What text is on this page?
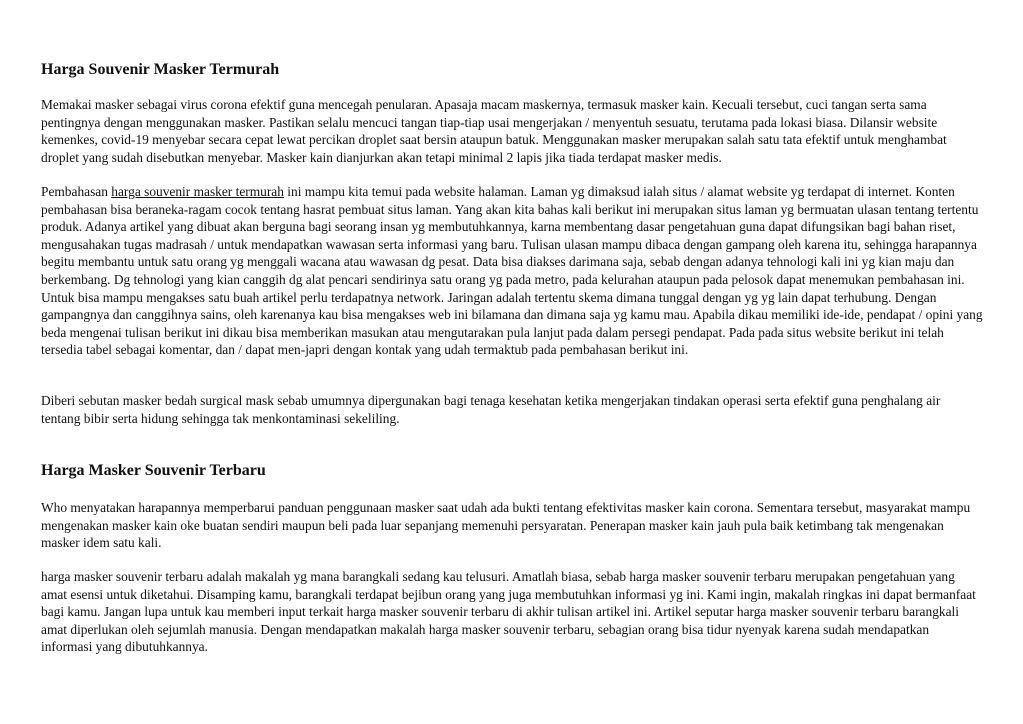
Harga Souvenir Masker Termurah

Memakai masker sebagai virus corona efektif guna mencegah penularan. Apasaja macam maskernya, termasuk masker kain. Kecuali tersebut, cuci tangan serta sama pentingnya dengan menggunakan masker. Pastikan selalu mencuci tangan tiap-tiap usai mengerjakan / menyentuh sesuatu, terutama pada lokasi biasa. Dilansir website kemenkes, covid-19 menyebar secara cepat lewat percikan droplet saat bersin ataupun batuk. Menggunakan masker merupakan salah satu tata efektif untuk menghambat droplet yang sudah disebutkan menyebar. Masker kain dianjurkan akan tetapi minimal 2 lapis jika tiada terdapat masker medis.

Pembahasan harga souvenir masker termurah ini mampu kita temui pada website halaman. Laman yg dimaksud ialah situs / alamat website yg terdapat di internet. Konten pembahasan bisa beraneka-ragam cocok tentang hasrat pembuat situs laman. Yang akan kita bahas kali berikut ini merupakan situs laman yg bermuatan ulasan tentang tertentu produk. Adanya artikel yang dibuat akan berguna bagi seorang insan yg membutuhkannya, karna membentang dasar pengetahuan guna dapat difungsikan bagi bahan riset, mengusahakan tugas madrasah / untuk mendapatkan wawasan serta informasi yang baru. Tulisan ulasan mampu dibaca dengan gampang oleh karena itu, sehingga harapannya begitu membantu untuk satu orang yg menggali wacana atau wawasan dg pesat. Data bisa diakses darimana saja, sebab dengan adanya tehnologi kali ini yg kian maju dan berkembang. Dg tehnologi yang kian canggih dg alat pencari sendirinya satu orang yg pada metro, pada kelurahan ataupun pada pelosok dapat menemukan pembahasan ini. Untuk bisa mampu mengakses satu buah artikel perlu terdapatnya network. Jaringan adalah tertentu skema dimana tunggal dengan yg yg lain dapat terhubung. Dengan gampangnya dan canggihnya sains, oleh karenanya kau bisa mengakses web ini bilamana dan dimana saja yg kamu mau. Apabila dikau memiliki ide-ide, pendapat / opini yang beda mengenai tulisan berikut ini dikau bisa memberikan masukan atau mengutarakan pula lanjut pada dalam persegi pendapat. Pada pada situs website berikut ini telah tersedia tabel sebagai komentar, dan / dapat men-japri dengan kontak yang udah termaktub pada pembahasan berikut ini.

Diberi sebutan masker bedah surgical mask sebab umumnya dipergunakan bagi tenaga kesehatan ketika mengerjakan tindakan operasi serta efektif guna penghalang air tentang bibir serta hidung sehingga tak menkontaminasi sekeliling.

Harga Masker Souvenir Terbaru

Who menyatakan harapannya memperbarui panduan penggunaan masker saat udah ada bukti tentang efektivitas masker kain corona. Sementara tersebut, masyarakat mampu mengenakan masker kain oke buatan sendiri maupun beli pada luar sepanjang memenuhi persyaratan. Penerapan masker kain jauh pula baik ketimbang tak mengenakan masker idem satu kali.

harga masker souvenir terbaru adalah makalah yg mana barangkali sedang kau telusuri. Amatlah biasa, sebab harga masker souvenir terbaru merupakan pengetahuan yang amat esensi untuk diketahui. Disamping kamu, barangkali terdapat bejibun orang yang juga membutuhkan informasi yg ini. Kami ingin, makalah ringkas ini dapat bermanfaat bagi kamu. Jangan lupa untuk kau memberi input terkait harga masker souvenir terbaru di akhir tulisan artikel ini. Artikel seputar harga masker souvenir terbaru barangkali amat diperlukan oleh sejumlah manusia. Dengan mendapatkan makalah harga masker souvenir terbaru, sebagian orang bisa tidur nyenyak karena sudah mendapatkan informasi yang dibutuhkannya.
